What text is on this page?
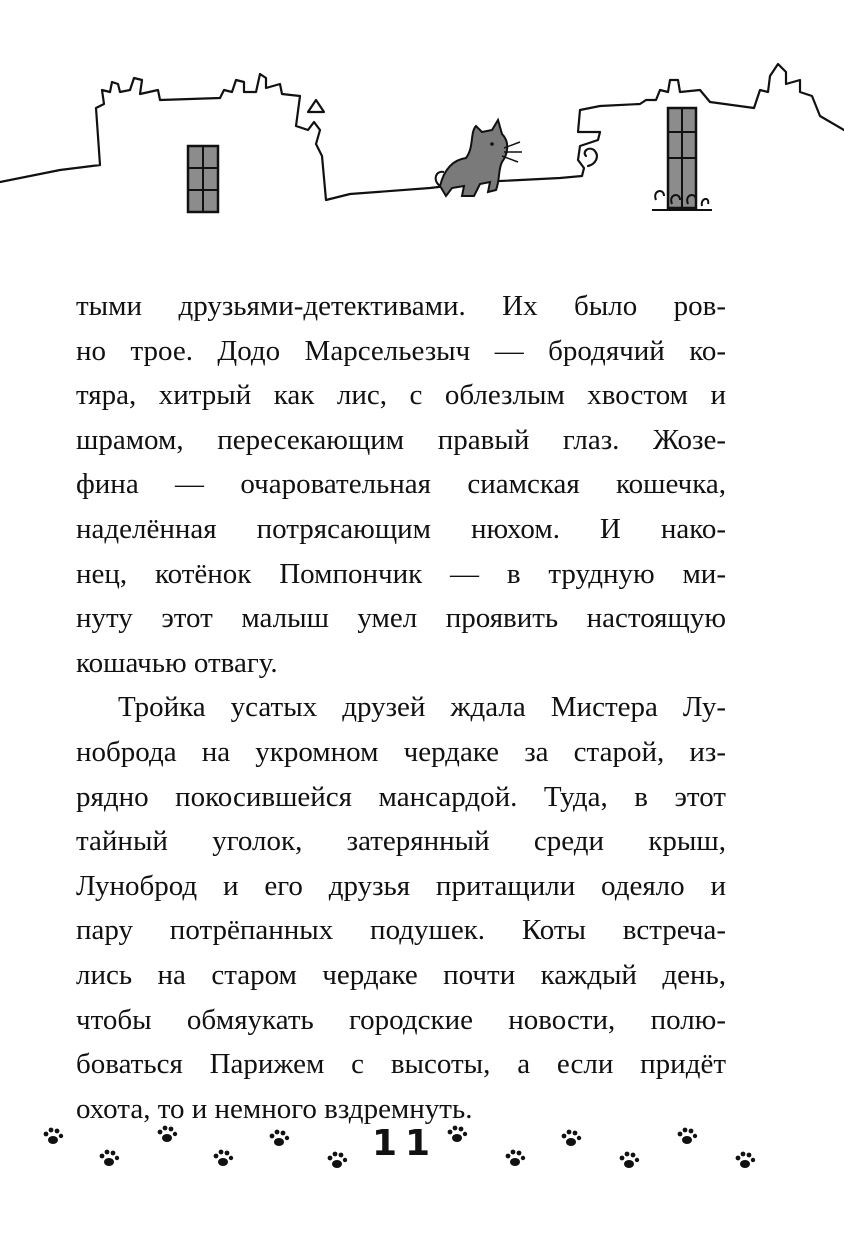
тыми друзьями-детективами. Их было ров-
но трое. Додо Марсельезыч — бродячий ко-
тяра, хитрый как лис, с облезлым хвостом и
шрамом, пересекающим правый глаз. Жозе-
фина — очаровательная сиамская кошечка,
наделённая потрясающим нюхом. И нако-
нец, котёнок Помпончик — в трудную ми-
нуту этот малыш умел проявить настоящую
кошачью отвагу.
Тройка усатых друзей ждала Мистера Лу-
нoброда на укромном чердаке за старой, из-
рядно покосившейся мансардой. Туда, в этот
тайный уголок, затерянный среди крыш,
Лунoброд и его друзья притащили одеяло и
пару потрёпанных подушек. Коты встреча-
лись на старом чердаке почти каждый день,
чтобы обмяукать городские новости, полю-
боваться Парижем с высоты, а если придёт
охота, то и немного вздремнуть.
11
